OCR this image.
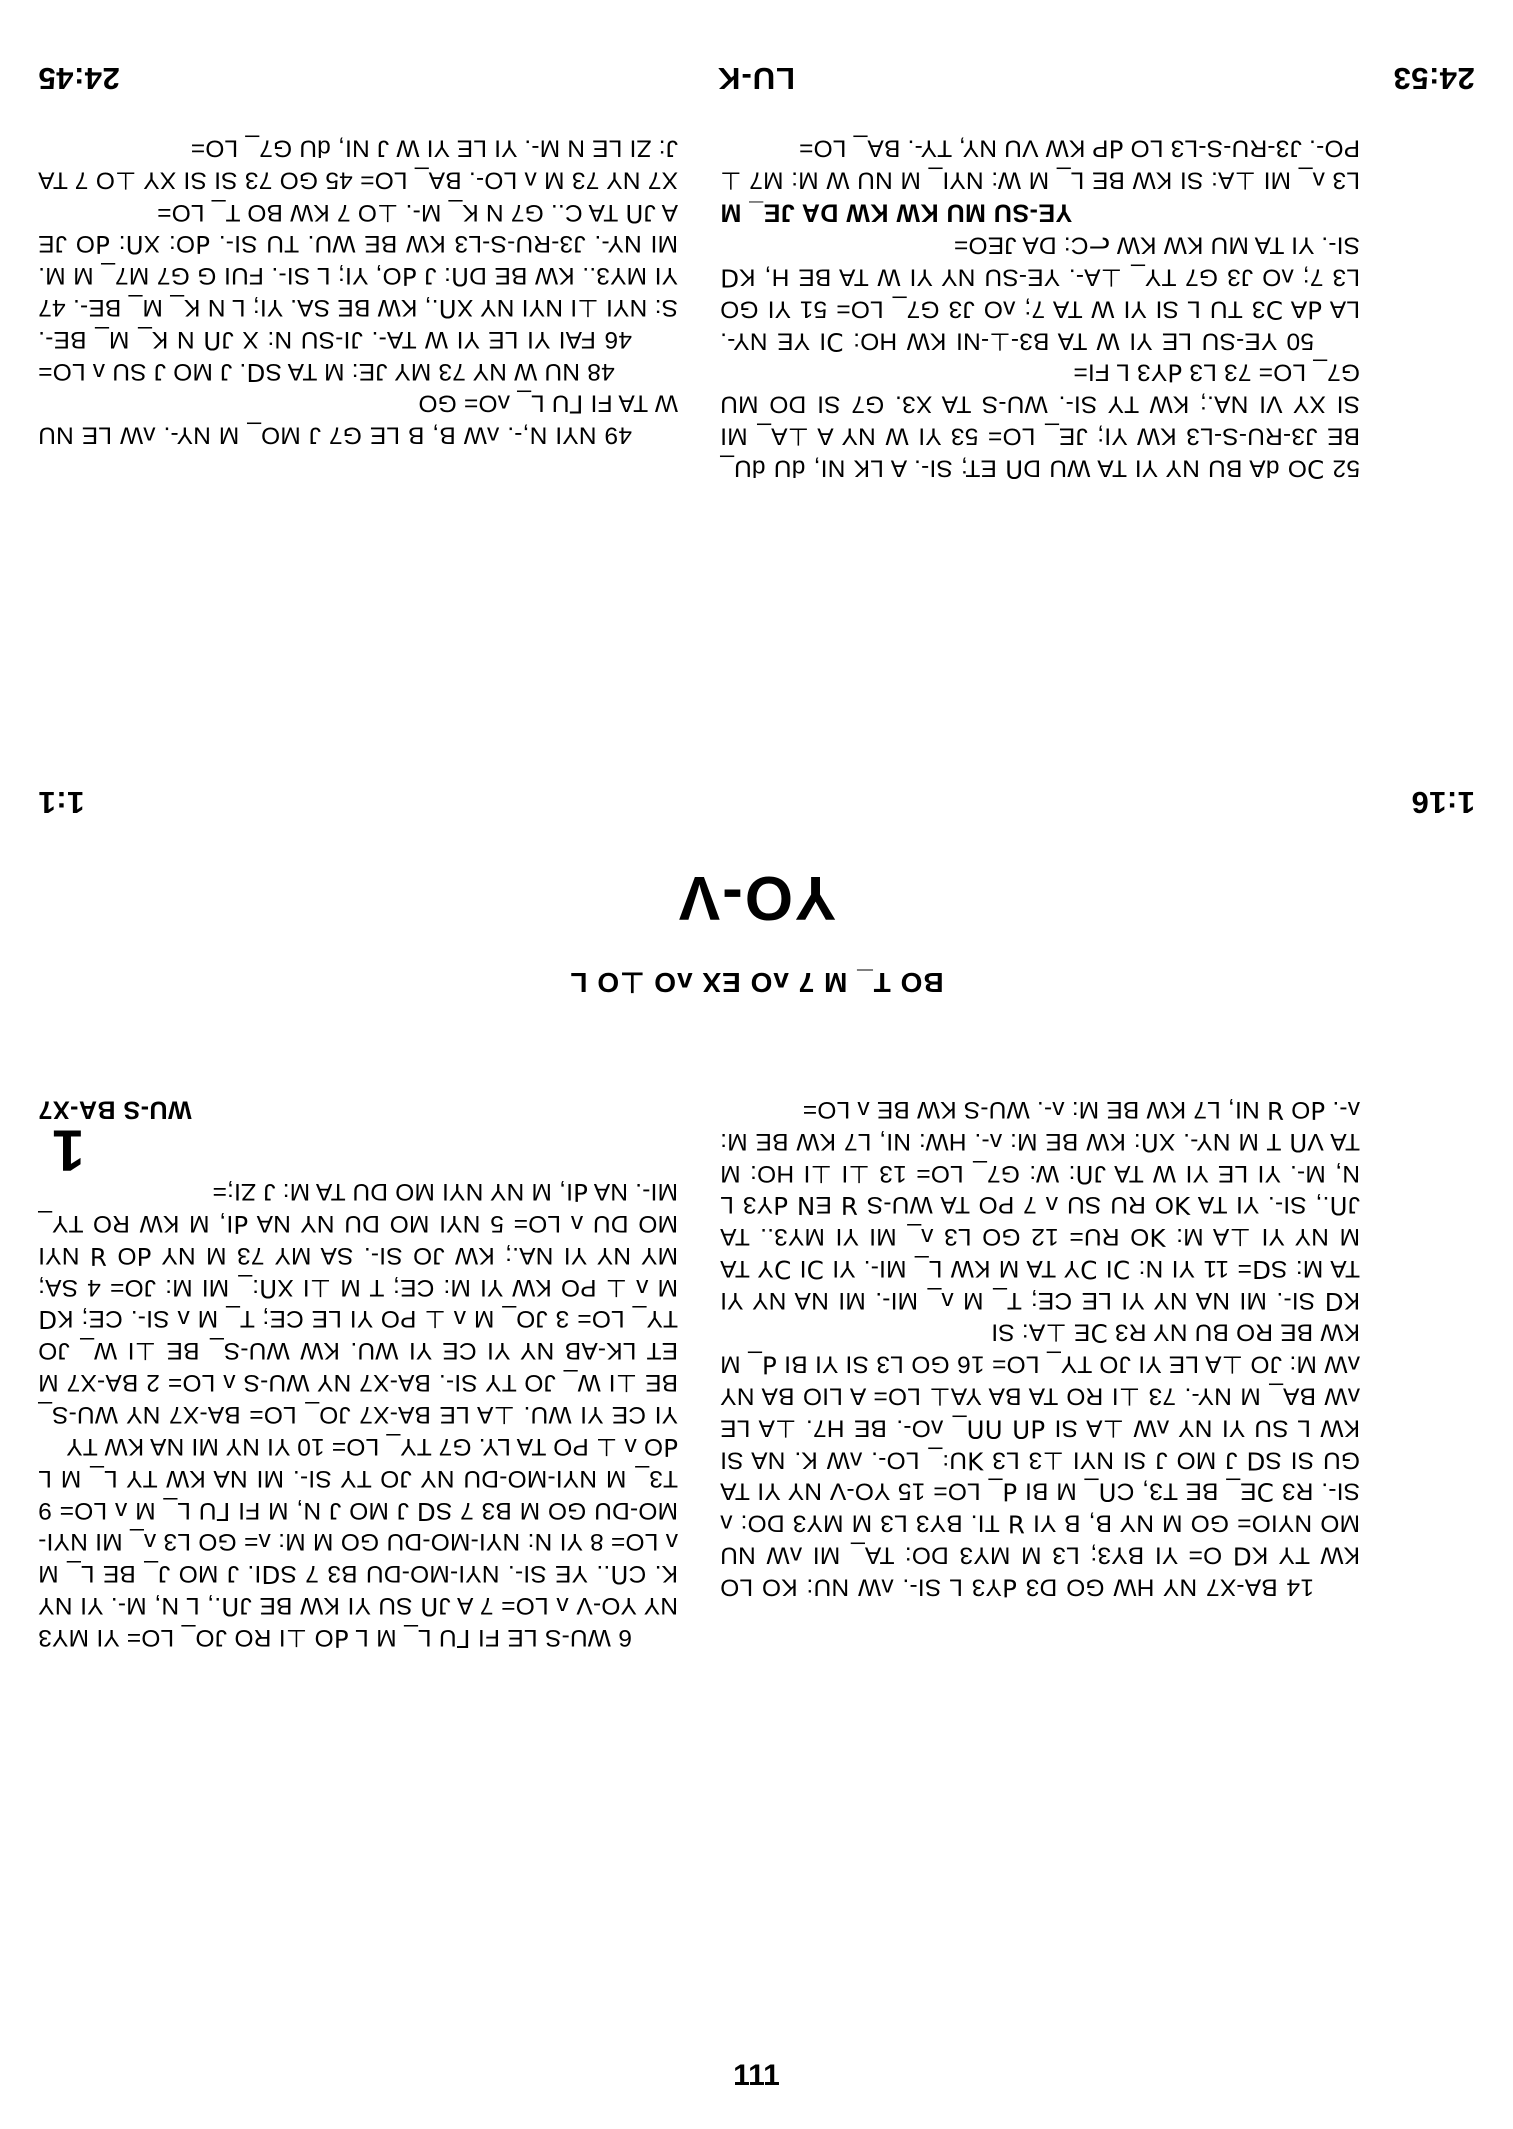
24:45	LU-K	24:53

X7 NY 73 M ʌ LO-. BA_ LO= 45 GO 73 SI SI XY ⊥O 7 TA J: ZI LE N M-. YI LE YI W J NI, dU G7_ LO=

46 FAI YI LE YI W TA-. JI-SU N: X Jᑎ N K_ M_ BE-. S: NYI ⊥I NYI NY Xᑎ., KW BE SA. YI; L N K_ M_ BE-. 47 YI MY3.. KW BE Dᑎ: J ꓒO, YI; L SI-. FUI G G7 M7_ M M. MI NY-. J3-RU-S-L3 KW BE WU. TU SI-. ꓒO: Xᑎ: ꓒO JE A Jᑎ TA C.. G7 N K_ M-. ⊥O 7 KW BO T_ LO=

48 NU W NY 73 MY JE: M TA Sꓷ. J MO J SU ʌ LO=

49 NYI N,-. ʌW B, B LE G7 J MO_ M NY-. ʌW LE NU W TA FI ᒥU L_ ʌO= GO

L3 ʌ_ MI ⊥A: SI KW BE L_ M W: NYI_ M NU W M: M7 ⊥ PO-. J3-RU-S-L3 LO ꓒP KW VU NY, TY-. BA_ LO=

YE-SU MU KW KW DA JE_ M

50 YE-SU LE YI W TA B3-⊥-NI KW HO: ꓛI YE NY-. LA ꓒA ꓛ3 TU L SI YI W TA 7; ʌO J3 G7_ LO= 51 YI GO L3 7; ʌO J3 G7 TY_ ⊥A-. YE-SU NY YI W TA BE H, Kꓷ SI-. YI TA MU KW KW ᓕC: DA JEO=

52 ꓛO dA BU NY YI TA WU Dᑎ ET; SI-. A LK NI, dU dU_ BE J3-RU-S-L3 KW YI; JE_ LO= 53 YI W NY A ⊥A_ MI SI XY VI NA.; KW TY SI-. WU-S TA X3. G7 SI DO MU G7_ LO= 73 L3 ꓒY3 L FI=

1:1	1:16
YO-V
BO T_ M 7 ʌO EX ʌO ⊥O L

WU-S BA-X7

1
YI CE YI WU. ⊥A LE BA-X7 JO_ LO= BA-X7 NY WU-S_ BE ⊥I W_ JO TY SI-. BA-X7 NY WU-S ʌ LO= 2 BA-X7 M ET LK-AB NY YI CE YI WU. KW WU-S_ BE ⊥I W_ JO TY_ LO= 3 JO_ M ʌ ⊥ PO YI LE CE; T_ M ʌ SI-. CE; Kꓷ M ʌ ⊥ PO KW YI M: CE; T M ⊥I Xᑎ:_ MI M: JO= 4 SA; MY NY YI NA.; KW JO SI-. SA MY 73 M NY ꓒO ꓤ NYI MO DU ʌ LO= 5 NYI MO DU NY NA ꓒI, M KW RO TY_ MI-. NA ꓒI, M NY NYI MO DU TA M: J ZI;=

6 WU-S LE FI ᒥU L_ M L ꓒO ⊥I RO JO_ LO= YI MY3 NY YO-V ʌ LO= 7 A Jᑎ SU YI KW BE Jᑎ., L N, M-. YI NY K. Cᑎ.. YE SI-. NYI-MO-DU B3 7 SꓷI. J MO J_ BE L_ M ʌ LO= 8 YI N: NYI-MO-DU GO M M: ʌ= GO L3 ʌ_ MI NYI-MO-DU GO M B3 7 Sꓷ J MO J N, M FI ᒥU L_ M ʌ LO= 9 T3_ M NYI-MO-DU NY JO TY SI-. MI NA KW TY L_ M L ꓒO ʌ ⊥ PO TA LY. G7 TY_ LO= 10 YI NY MI NA KW TY

Kꓷ SI-. MI NA NY YI LE CE; T_ M ʌ_ MI-. MI NA NY YI TA M: Sꓷ= 11 YI N: ꓛI ꓛY TA M KW L_ MI-. YI ꓛI ꓛY TA M NY YI ⊥A M: ꓘO RU= 12 GO L3 ʌ_ MI YI MY3.. TA Jᑎ., SI-. YI TA ꓘO RU SU ʌ 7 PO TA WU-S ꓤ E𝖭 ꓒY3 L N, M-. YI LE YI W TA Jᑎ: W: G7_ LO= 13 ⊥I ⊥I HO: M TA Vᑎ T M NY-. Xᑎ: KW BE M: ʌ-. HW: NI, L7 KW BE M: ʌ-. ꓒO ꓤ NI, L7 KW BE M: ʌ-. WU-S KW BE ʌ LO=

14 BA-X7 NY HW GO D3 ꓒY3 L SI-. ʌW NU: KO LO KW TY Kꓷ O= YI BY3; L3 M MY3 DO: TA_ MI ʌW NU MO NYIO= GO M NY B, B YI ꓤ TI. BY3 L3 M MY3 DO: ʌ SI-. R3 ꓛE_ BE T3, Cᑎ_ M BI ꓒ_ LO= 15 YO-V NY YI TA GU SI Sꓷ J MO J SI NYI ⊥3 L3 ꓘU꞉_ LO-. ʌW K. NA SI KW L SU YI NY ʌW ⊥A SI ꓒᑎ ᑎᑎ_ ʌO-. BE H7. ⊥A LE ʌW BA_ M NY-. 73 ⊥I RO TA BA YA⊥ LO= A LIO BA NY ʌW M: JO ⊥A LE YI JO TY_ LO= 16 GO L3 SI YI BI ꓒ_ M KW BE RO BU NY R3 ꓛE ⊥A: SI

111
